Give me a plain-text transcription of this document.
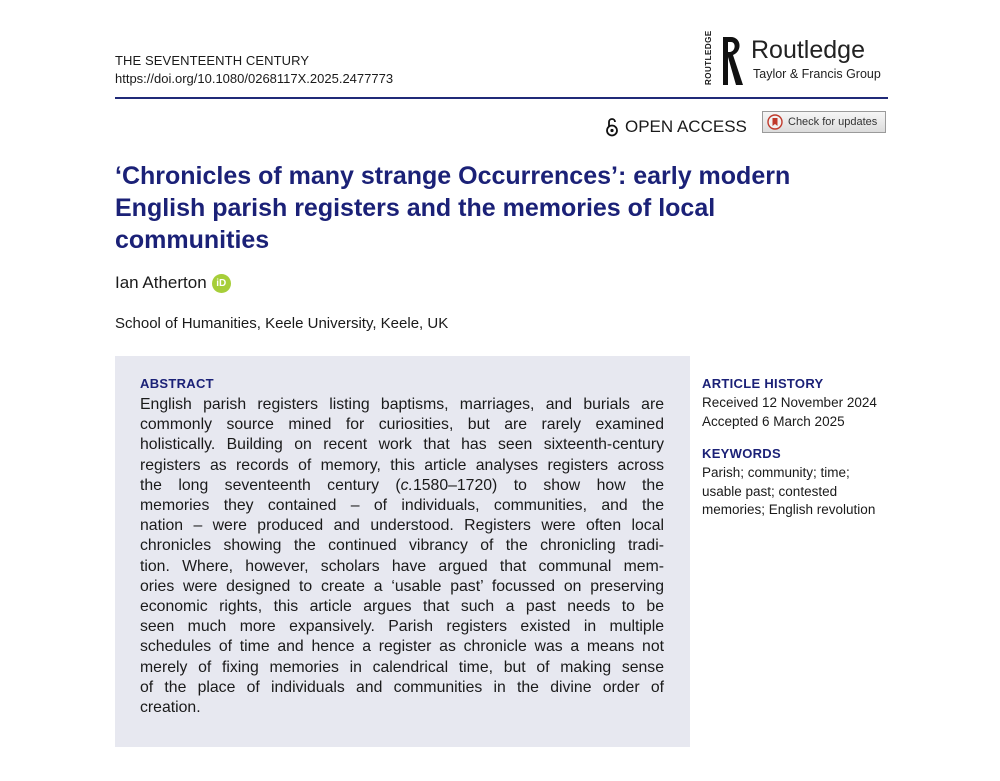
THE SEVENTEENTH CENTURY
https://doi.org/10.1080/0268117X.2025.2477773	ROUTLEDGE Routledge
Taylor & Francis Group
OPEN ACCESS	Check for updates
‘Chronicles of many strange Occurrences’: early modern English parish registers and the memories of local communities
Ian Atherton iD
School of Humanities, Keele University, Keele, UK
ABSTRACT

English parish registers listing baptisms, marriages, and burials are
commonly source mined for curiosities, but are rarely examined
holistically. Building on recent work that has seen sixteenth-century
registers as records of memory, this article analyses registers across
the long seventeenth century (c.1580–1720) to show how the
memories they contained – of individuals, communities, and the
nation – were produced and understood. Registers were often local
chronicles showing the continued vibrancy of the chronicling tradi-
tion. Where, however, scholars have argued that communal mem-
ories were designed to create a ‘usable past’ focussed on preserving
economic rights, this article argues that such a past needs to be
seen much more expansively. Parish registers existed in multiple
schedules of time and hence a register as chronicle was a means not
merely of fixing memories in calendrical time, but of making sense
of the place of individuals and communities in the divine order of
creation.

ARTICLE HISTORY

Received 12 November 2024
Accepted 6 March 2025

KEYWORDS

Parish; community; time;
usable past; contested
memories; English revolution
